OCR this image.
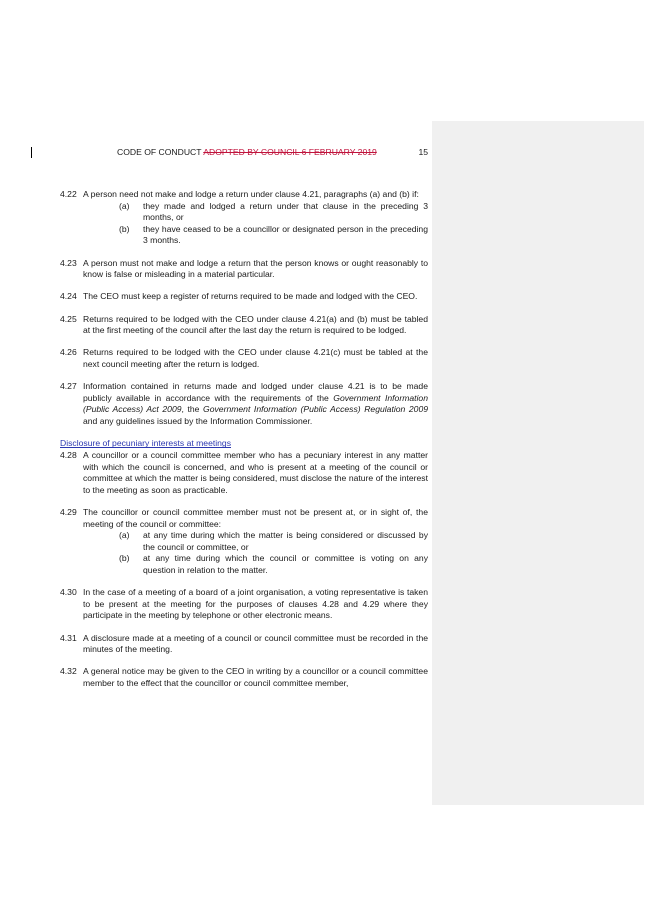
CODE OF CONDUCT ADOPTED BY COUNCIL 6 FEBRUARY 2019	15
4.22 A person need not make and lodge a return under clause 4.21, paragraphs (a) and (b) if:
(a) they made and lodged a return under that clause in the preceding 3 months, or
(b) they have ceased to be a councillor or designated person in the preceding 3 months.
4.23 A person must not make and lodge a return that the person knows or ought reasonably to know is false or misleading in a material particular.
4.24 The CEO must keep a register of returns required to be made and lodged with the CEO.
4.25 Returns required to be lodged with the CEO under clause 4.21(a) and (b) must be tabled at the first meeting of the council after the last day the return is required to be lodged.
4.26 Returns required to be lodged with the CEO under clause 4.21(c) must be tabled at the next council meeting after the return is lodged.
4.27 Information contained in returns made and lodged under clause 4.21 is to be made publicly available in accordance with the requirements of the Government Information (Public Access) Act 2009, the Government Information (Public Access) Regulation 2009 and any guidelines issued by the Information Commissioner.
Disclosure of pecuniary interests at meetings
4.28 A councillor or a council committee member who has a pecuniary interest in any matter with which the council is concerned, and who is present at a meeting of the council or committee at which the matter is being considered, must disclose the nature of the interest to the meeting as soon as practicable.
4.29 The councillor or council committee member must not be present at, or in sight of, the meeting of the council or committee:
(a) at any time during which the matter is being considered or discussed by the council or committee, or
(b) at any time during which the council or committee is voting on any question in relation to the matter.
4.30 In the case of a meeting of a board of a joint organisation, a voting representative is taken to be present at the meeting for the purposes of clauses 4.28 and 4.29 where they participate in the meeting by telephone or other electronic means.
4.31 A disclosure made at a meeting of a council or council committee must be recorded in the minutes of the meeting.
4.32 A general notice may be given to the CEO in writing by a councillor or a council committee member to the effect that the councillor or council committee member,
